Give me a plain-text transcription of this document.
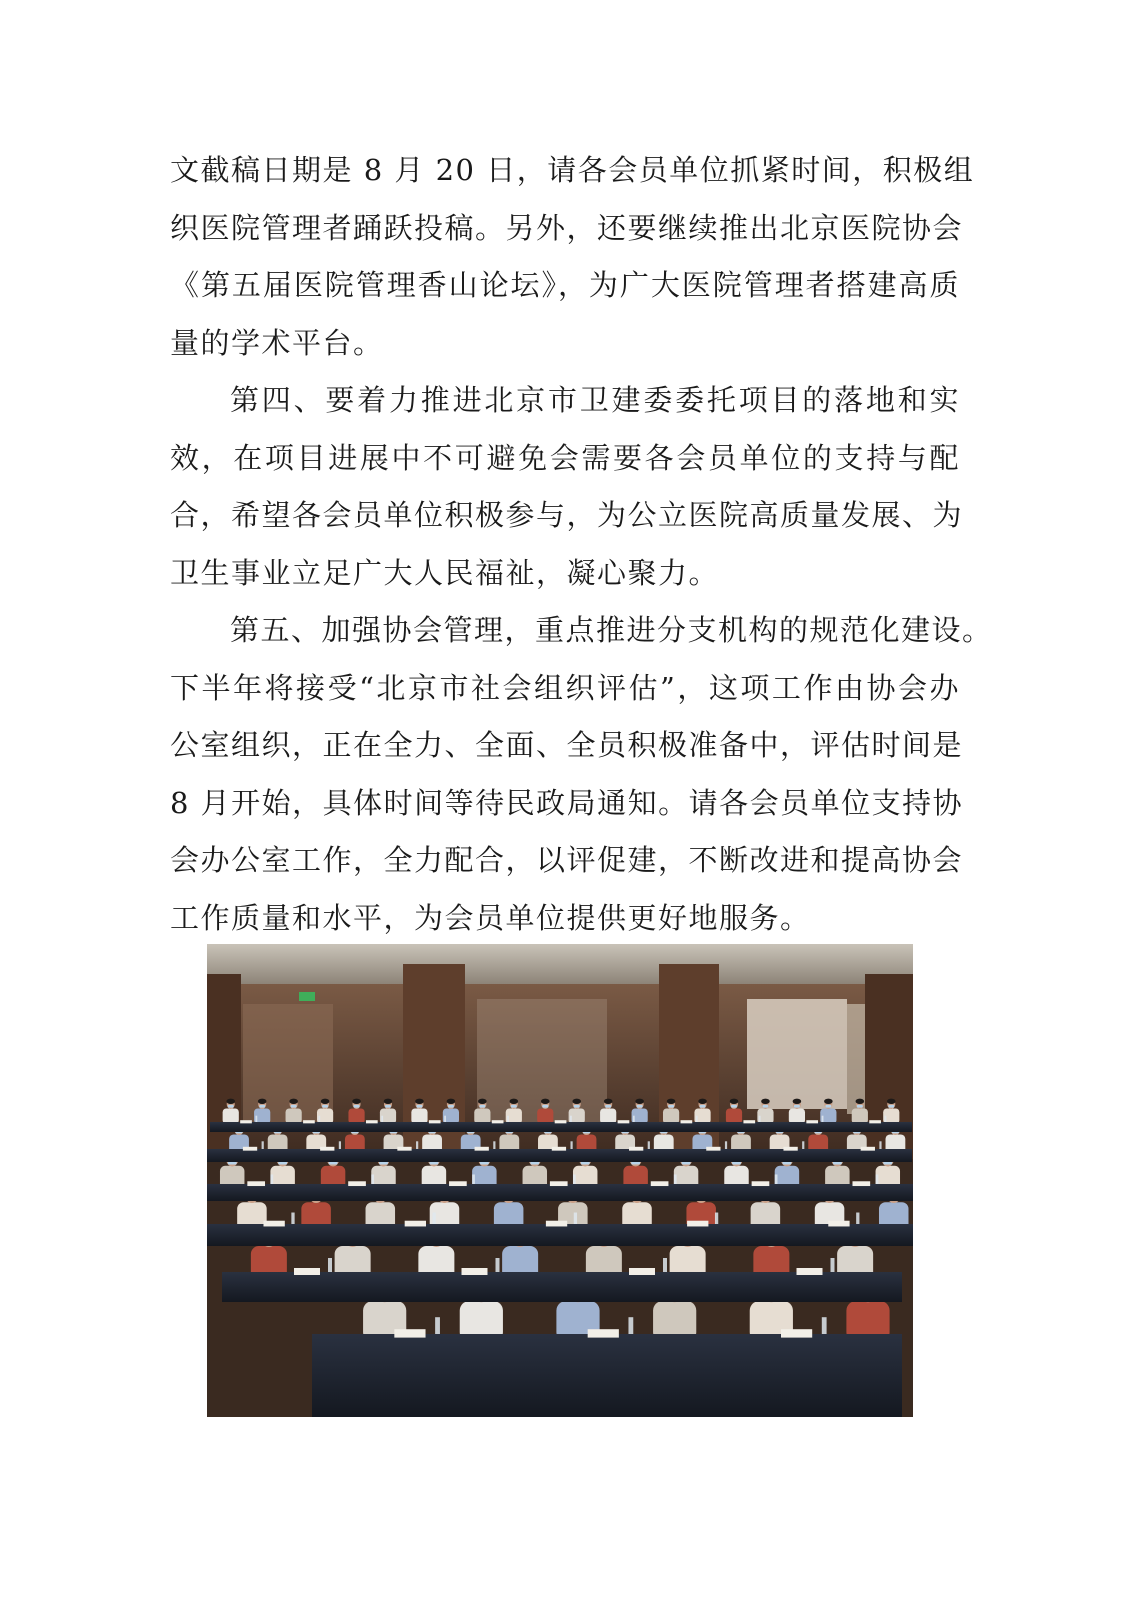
文截稿日期是 8 月 20 日，请各会员单位抓紧时间，积极组
织医院管理者踊跃投稿。另外，还要继续推出北京医院协会
《第五届医院管理香山论坛》，为广大医院管理者搭建高质
量的学术平台。
第四、要着力推进北京市卫建委委托项目的落地和实
效，在项目进展中不可避免会需要各会员单位的支持与配
合，希望各会员单位积极参与，为公立医院高质量发展、为
卫生事业立足广大人民福祉，凝心聚力。
第五、加强协会管理，重点推进分支机构的规范化建设。
下半年将接受“北京市社会组织评估”，这项工作由协会办
公室组织，正在全力、全面、全员积极准备中，评估时间是
8 月开始，具体时间等待民政局通知。请各会员单位支持协
会办公室工作，全力配合，以评促建，不断改进和提高协会
工作质量和水平，为会员单位提供更好地服务。
